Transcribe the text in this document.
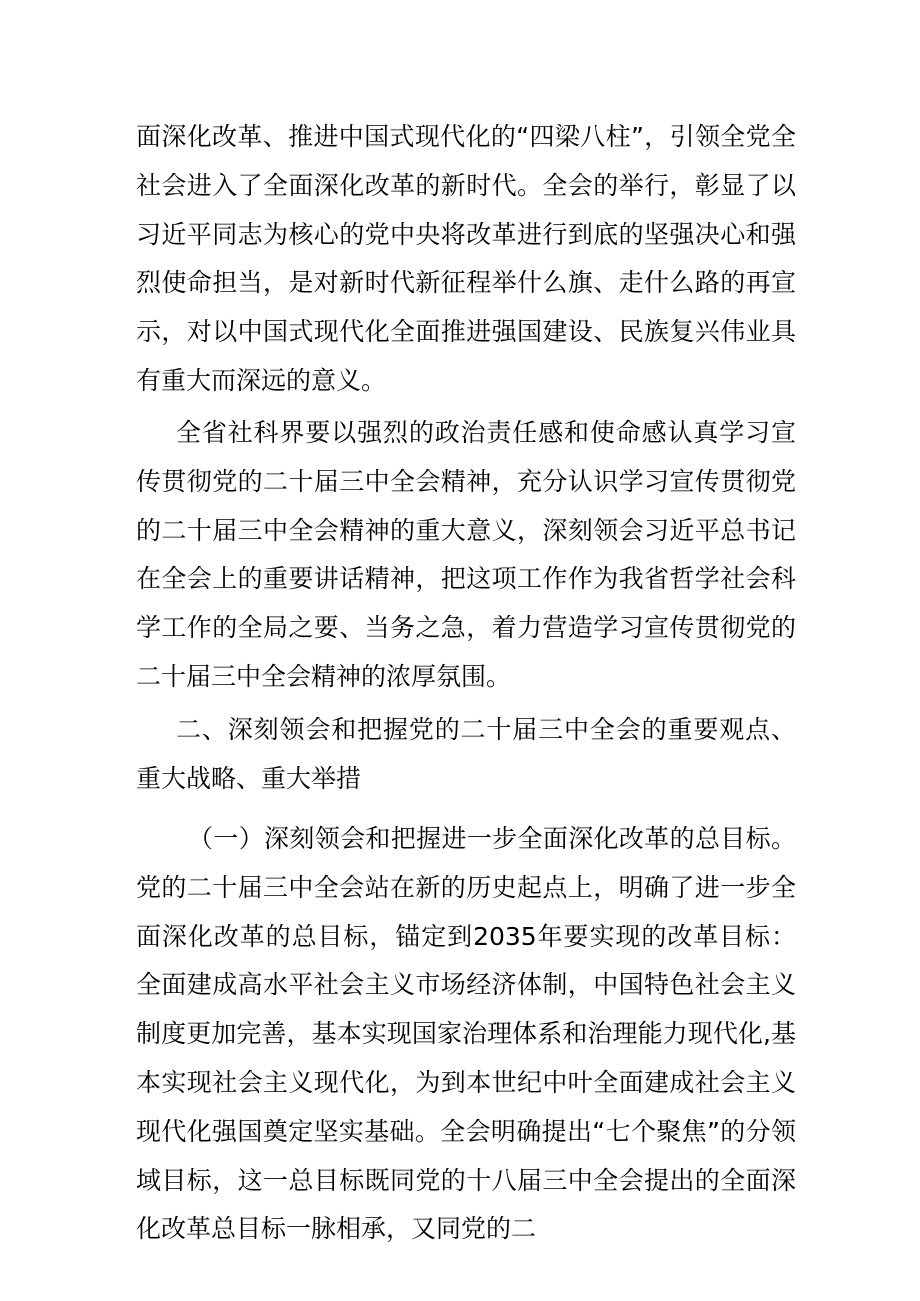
面深化改革、推进中国式现代化的“四梁八柱”，引领全党全社会进入了全面深化改革的新时代。全会的举行，彰显了以习近平同志为核心的党中央将改革进行到底的坚强决心和强烈使命担当，是对新时代新征程举什么旗、走什么路的再宣示，对以中国式现代化全面推进强国建设、民族复兴伟业具有重大而深远的意义。

全省社科界要以强烈的政治责任感和使命感认真学习宣传贯彻党的二十届三中全会精神，充分认识学习宣传贯彻党的二十届三中全会精神的重大意义，深刻领会习近平总书记在全会上的重要讲话精神，把这项工作作为我省哲学社会科学工作的全局之要、当务之急，着力营造学习宣传贯彻党的二十届三中全会精神的浓厚氛围。

二、深刻领会和把握党的二十届三中全会的重要观点、重大战略、重大举措

（一）深刻领会和把握进一步全面深化改革的总目标。党的二十届三中全会站在新的历史起点上，明确了进一步全面深化改革的总目标，锚定到2035年要实现的改革目标：全面建成高水平社会主义市场经济体制，中国特色社会主义制度更加完善，基本实现国家治理体系和治理能力现代化,基本实现社会主义现代化，为到本世纪中叶全面建成社会主义现代化强国奠定坚实基础。全会明确提出“七个聚焦”的分领域目标，这一总目标既同党的十八届三中全会提出的全面深化改革总目标一脉相承，又同党的二
